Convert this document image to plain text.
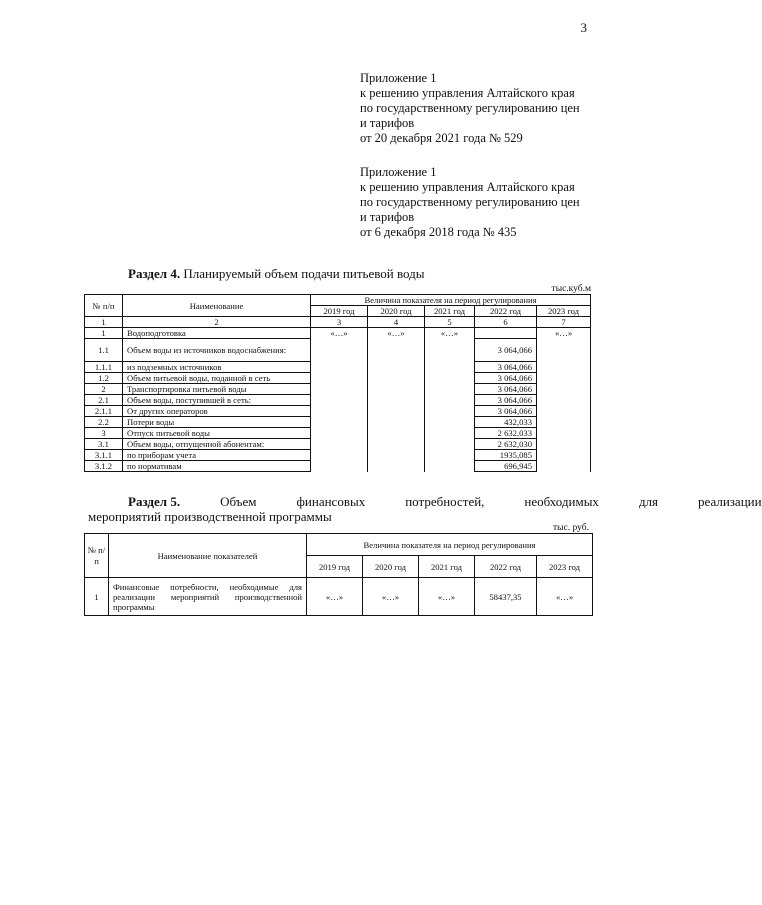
3
Приложение 1
к решению управления Алтайского края
по государственному регулированию цен
и тарифов
от 20 декабря 2021 года № 529
Приложение 1
к решению управления Алтайского края
по государственному регулированию цен
и тарифов
от 6 декабря 2018 года № 435
Раздел 4. Планируемый объем подачи питьевой воды
тыс.куб.м
№ п/п	Наименование	Величина показателя на период регулирования				
		2019 год	2020 год	2021 год	2022 год	2023 год
1	2	3	4	5	6	7
1	Водоподготовка	«…»	«…»	«…»		«…»
1.1	Объем воды из источников водоснабжения:				3 064,066	
1.1.1	из подземных источников				3 064,066	
1.2	Объем питьевой воды, поданной в сеть				3 064,066	
2	Транспортировка питьевой воды				3 064,066	
2.1	Объем воды, поступившей в сеть:				3 064,066	
2.1.1	От других операторов				3 064,066	
2.2	Потери воды				432,033	
3	Отпуск питьевой воды				2 632,033	
3.1	Объем воды, отпущенной абонентам:				2 632,030	
3.1.1	по приборам учета				1935,085	
3.1.2	по нормативам				696,945	
Раздел 5.	Объем	финансовых	потребностей,	необходимых	для	реализации
мероприятий производственной программы
тыс. руб.
№ п/ п	Наименование показателей	Величина показателя на период регулирования				
		2019 год	2020 год	2021 год	2022 год	2023 год
1	Финансовые потребности, необходимые для реализации мероприятий производственной программы	«…»	«…»	«…»	58437,35	«…»
